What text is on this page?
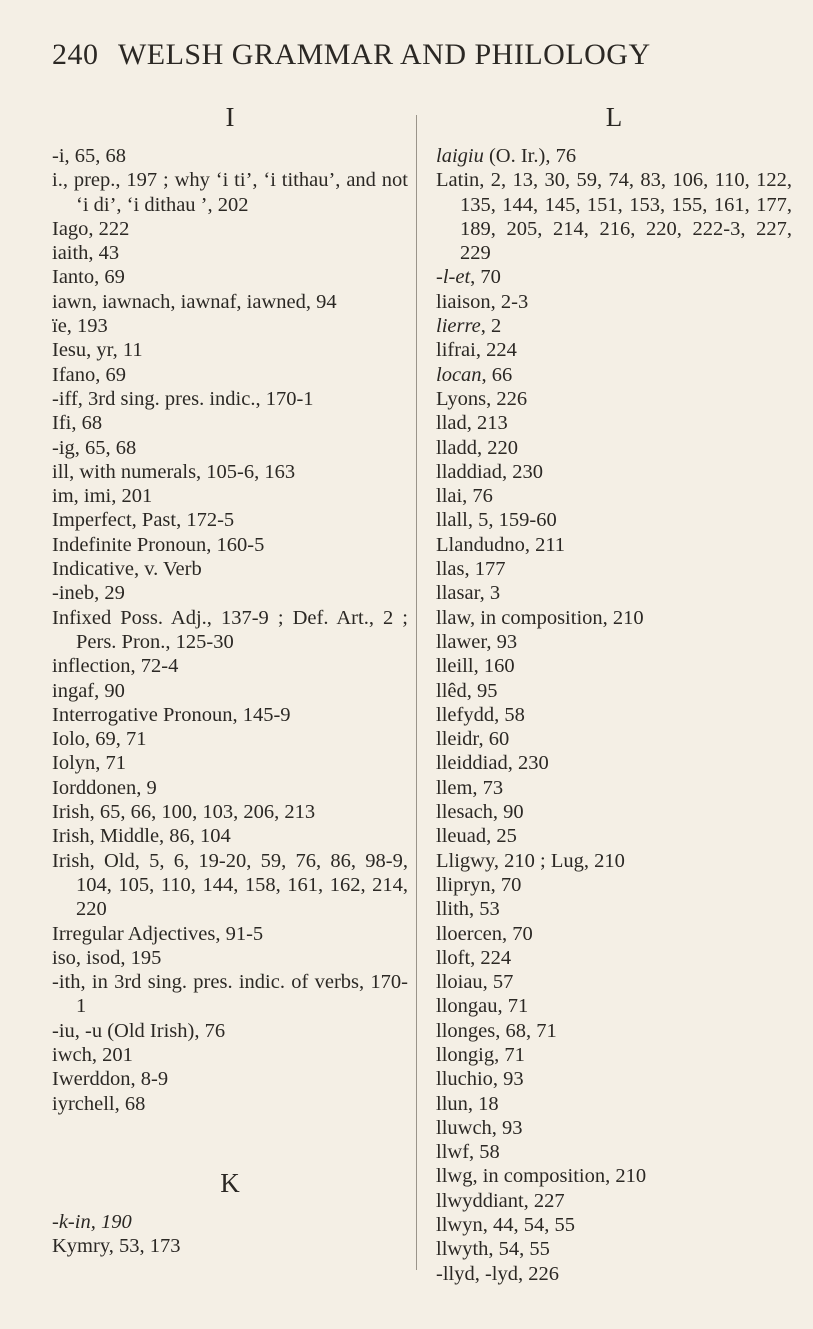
240 WELSH GRAMMAR AND PHILOLOGY
I
-i, 65, 68
i., prep., 197 ; why ‘i ti’, ‘i tithau’, and not ‘i di’, ‘i dithau ’, 202
Iago, 222
iaith, 43
Ianto, 69
iawn, iawnach, iawnaf, iawned, 94
ïe, 193
Iesu, yr, 11
Ifano, 69
-iff, 3rd sing. pres. indic., 170-1
Ifi, 68
-ig, 65, 68
ill, with numerals, 105-6, 163
im, imi, 201
Imperfect, Past, 172-5
Indefinite Pronoun, 160-5
Indicative, v. Verb
-ineb, 29
Infixed Poss. Adj., 137-9 ; Def. Art., 2 ; Pers. Pron., 125-30
inflection, 72-4
ingaf, 90
Interrogative Pronoun, 145-9
Iolo, 69, 71
Iolyn, 71
Iorddonen, 9
Irish, 65, 66, 100, 103, 206, 213
Irish, Middle, 86, 104
Irish, Old, 5, 6, 19-20, 59, 76, 86, 98-9, 104, 105, 110, 144, 158, 161, 162, 214, 220
Irregular Adjectives, 91-5
iso, isod, 195
-ith, in 3rd sing. pres. indic. of verbs, 170-1
-iu, -u (Old Irish), 76
iwch, 201
Iwerddon, 8-9
iyrchell, 68
K
-k-in, 190
Kymry, 53, 173
L
laigiu (O. Ir.), 76
Latin, 2, 13, 30, 59, 74, 83, 106, 110, 122, 135, 144, 145, 151, 153, 155, 161, 177, 189, 205, 214, 216, 220, 222-3, 227, 229
-l-et, 70
liaison, 2-3
lierre, 2
lifrai, 224
locan, 66
Lyons, 226
llad, 213
lladd, 220
lladdiad, 230
llai, 76
llall, 5, 159-60
Llandudno, 211
llas, 177
llasar, 3
llaw, in composition, 210
llawer, 93
lleill, 160
llêd, 95
llefydd, 58
lleidr, 60
lleiddiad, 230
llem, 73
llesach, 90
lleuad, 25
Lligwy, 210 ; Lug, 210
llipryn, 70
llith, 53
lloercen, 70
lloft, 224
lloiau, 57
llongau, 71
llonges, 68, 71
llongig, 71
lluchio, 93
llun, 18
lluwch, 93
llwf, 58
llwg, in composition, 210
llwyddiant, 227
llwyn, 44, 54, 55
llwyth, 54, 55
-llyd, -lyd, 226
